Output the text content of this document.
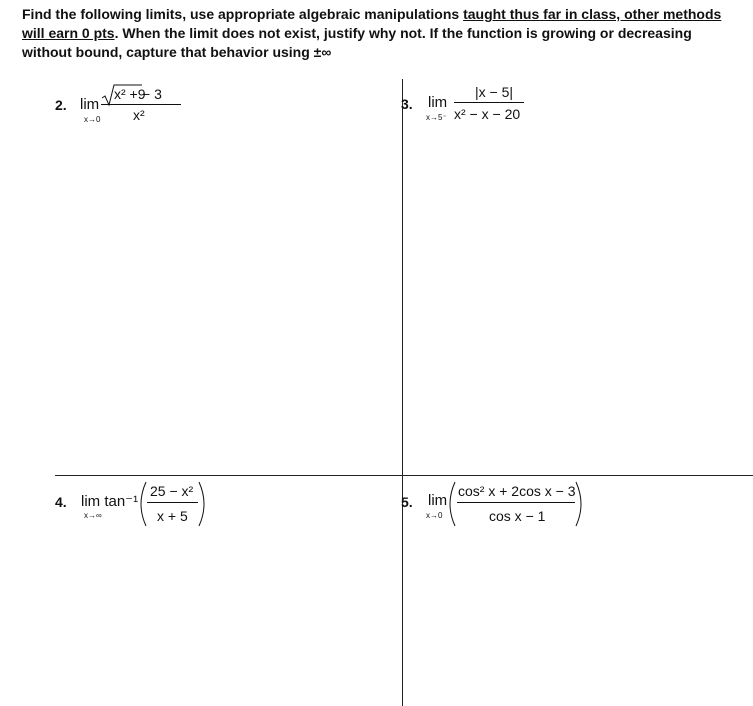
Find the following limits, use appropriate algebraic manipulations taught thus far in class, other methods will earn 0 pts. When the limit does not exist, justify why not. If the function is growing or decreasing without bound, capture that behavior using ±∞
2. lim
x→0
x² +9
− 3
x²
3. lim
x→5⁻
|x − 5|
x² − x − 20
4. lim tan⁻¹
x→∞
25 − x²
x + 5
5. lim
x→0
cos² x + 2cos x − 3
cos x − 1
